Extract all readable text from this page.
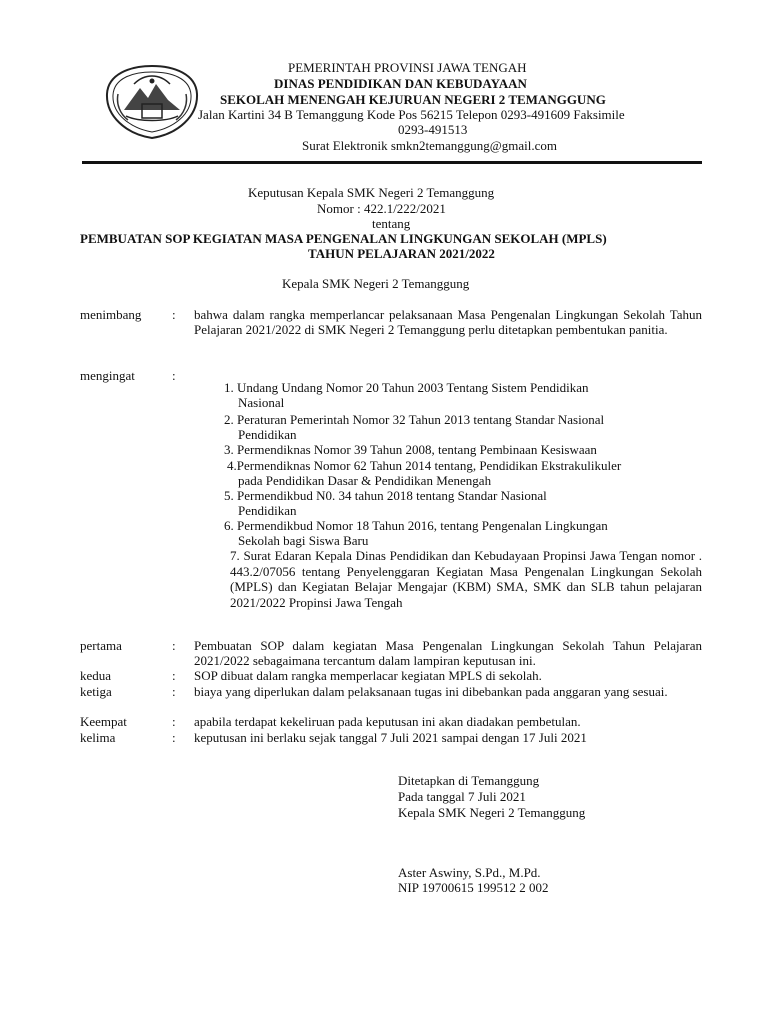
PEMERINTAH PROVINSI JAWA TENGAH
DINAS PENDIDIKAN DAN KEBUDAYAAN
SEKOLAH MENENGAH KEJURUAN NEGERI 2 TEMANGGUNG
Jalan Kartini 34 B Temanggung Kode Pos 56215 Telepon 0293-491609 Faksimile
0293-491513
Surat Elektronik smkn2temanggung@gmail.com
Keputusan Kepala SMK Negeri 2 Temanggung
Nomor : 422.1/222/2021
tentang
PEMBUATAN SOP KEGIATAN MASA PENGENALAN LINGKUNGAN SEKOLAH (MPLS)
TAHUN PELAJARAN 2021/2022
Kepala SMK Negeri 2 Temanggung
menimbang : bahwa dalam rangka memperlancar pelaksanaan Masa Pengenalan Lingkungan Sekolah Tahun Pelajaran 2021/2022 di SMK Negeri 2 Temanggung perlu ditetapkan pembentukan panitia.
mengingat	:
1. Undang Undang Nomor 20 Tahun 2003 Tentang Sistem Pendidikan
Nasional
2. Peraturan Pemerintah Nomor 32 Tahun 2013 tentang Standar Nasional
Pendidikan
3. Permendiknas Nomor 39 Tahun 2008, tentang Pembinaan Kesiswaan
4.Permendiknas Nomor 62 Tahun 2014 tentang, Pendidikan Ekstrakulikuler
pada Pendidikan Dasar & Pendidikan Menengah
5. Permendikbud N0. 34 tahun 2018 tentang Standar Nasional
Pendidikan
6. Permendikbud Nomor 18 Tahun 2016, tentang Pengenalan Lingkungan
Sekolah bagi Siswa Baru
7. Surat Edaran Kepala Dinas Pendidikan dan Kebudayaan Propinsi Jawa Tengan nomor . 443.2/07056 tentang Penyelenggaran Kegiatan Masa Pengenalan Lingkungan Sekolah (MPLS) dan Kegiatan Belajar Mengajar (KBM) SMA, SMK dan SLB tahun pelajaran 2021/2022 Propinsi Jawa Tengah
pertama	: Pembuatan SOP dalam kegiatan Masa Pengenalan Lingkungan Sekolah Tahun Pelajaran 2021/2022 sebagaimana tercantum dalam lampiran keputusan ini.
kedua	: SOP dibuat dalam rangka memperlacar kegiatan MPLS di sekolah.
ketiga	: biaya yang diperlukan dalam pelaksanaan tugas ini dibebankan pada anggaran yang sesuai.
Keempat	: apabila terdapat kekeliruan pada keputusan ini akan diadakan pembetulan.
kelima	: keputusan ini berlaku sejak tanggal 7 Juli 2021 sampai dengan 17 Juli 2021
Ditetapkan di Temanggung
Pada tanggal 7 Juli 2021
Kepala SMK Negeri 2 Temanggung
Aster Aswiny, S.Pd., M.Pd.
NIP 19700615 199512 2 002
